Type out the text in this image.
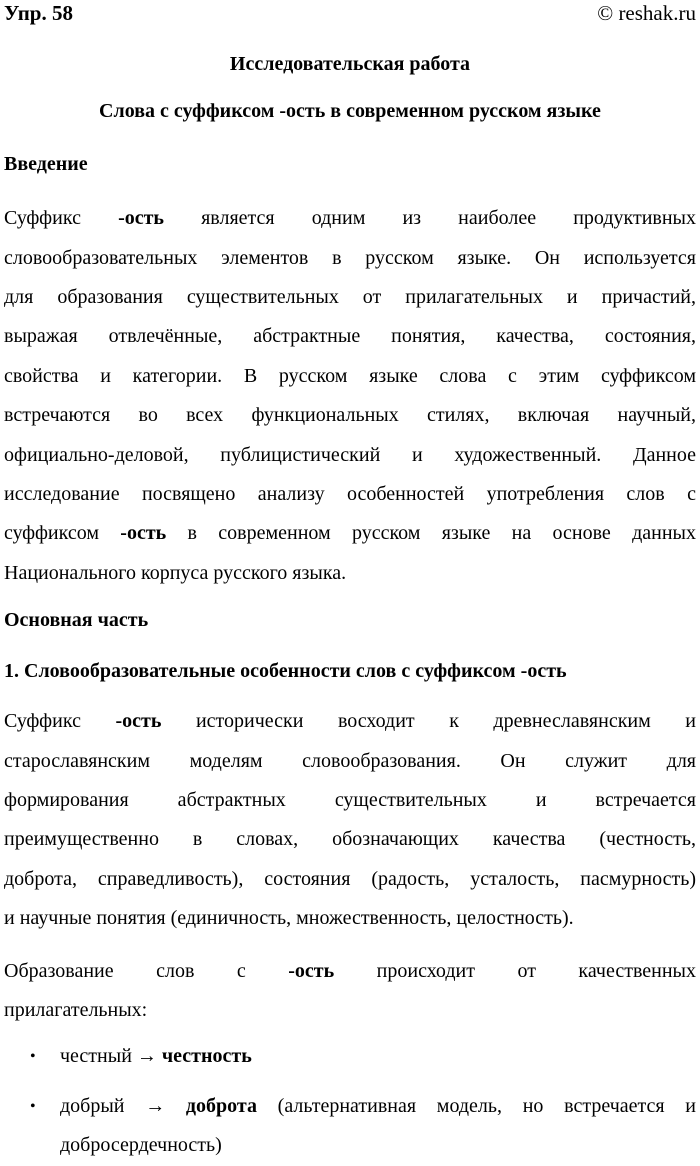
Упр. 58	© reshak.ru
Исследовательская работа
Слова с суффиксом -ость в современном русском языке
Введение
Суффикс -ость является одним из наиболее продуктивных
словообразовательных элементов в русском языке. Он используется
для образования существительных от прилагательных и причастий,
выражая отвлечённые, абстрактные понятия, качества, состояния,
свойства и категории. В русском языке слова с этим суффиксом
встречаются во всех функциональных стилях, включая научный,
официально-деловой, публицистический и художественный. Данное
исследование посвящено анализу особенностей употребления слов с
суффиксом -ость в современном русском языке на основе данных
Национального корпуса русского языка.
Основная часть
1. Словообразовательные особенности слов с суффиксом -ость
Суффикс -ость исторически восходит к древнеславянским и
старославянским моделям словообразования. Он служит для
формирования абстрактных существительных и встречается
преимущественно в словах, обозначающих качества (честность,
доброта, справедливость), состояния (радость, усталость, пасмурность)
и научные понятия (единичность, множественность, целостность).
Образование слов с -ость происходит от качественных
прилагательных:
• честный → честность
• добрый → доброта (альтернативная модель, но встречается и
добросердечность)
